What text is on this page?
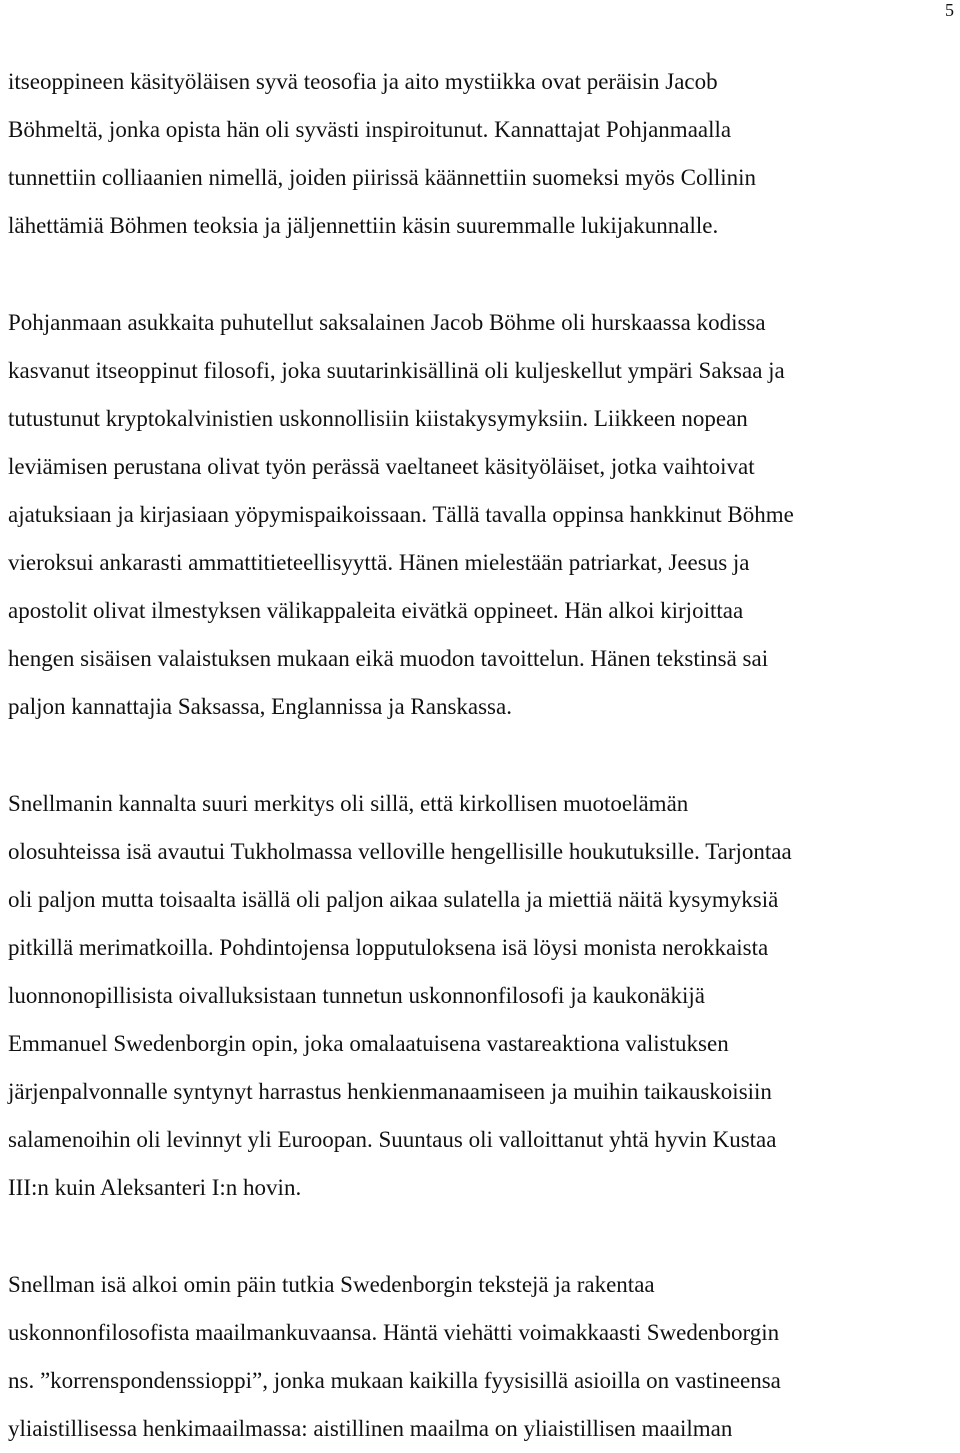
5

itseoppineen käsityöläisen syvä teosofia ja aito mystiikka ovat peräisin Jacob
Böhmeltä, jonka opista hän oli syvästi inspiroitunut. Kannattajat Pohjanmaalla
tunnettiin colliaanien nimellä, joiden piirissä käännettiin suomeksi myös Collinin
lähettämiä Böhmen teoksia ja jäljennettiin käsin suuremmalle lukijakunnalle.

Pohjanmaan asukkaita puhutellut saksalainen Jacob Böhme oli hurskaassa kodissa
kasvanut itseoppinut filosofi, joka suutarinkisällinä oli kuljeskellut ympäri Saksaa ja
tutustunut kryptokalvinistien uskonnollisiin kiistakysymyksiin. Liikkeen nopean
leviämisen perustana olivat työn perässä vaeltaneet käsityöläiset, jotka vaihtoivat
ajatuksiaan ja kirjasiaan yöpymispaikoissaan. Tällä tavalla oppinsa hankkinut Böhme
vieroksui ankarasti ammattitieteellisyyttä. Hänen mielestään patriarkat, Jeesus ja
apostolit olivat ilmestyksen välikappaleita eivätkä oppineet. Hän alkoi kirjoittaa
hengen sisäisen valaistuksen mukaan eikä muodon tavoittelun. Hänen tekstinsä sai
paljon kannattajia Saksassa, Englannissa ja Ranskassa.

Snellmanin kannalta suuri merkitys oli sillä, että kirkollisen muotoelämän
olosuhteissa isä avautui Tukholmassa velloville hengellisille houkutuksille. Tarjontaa
oli paljon mutta toisaalta isällä oli paljon aikaa sulatella ja miettiä näitä kysymyksiä
pitkillä merimatkoilla. Pohdintojensa lopputuloksena isä löysi monista nerokkaista
luonnonopillisista oivalluksistaan tunnetun uskonnonfilosofi ja kaukonäkijä
Emmanuel Swedenborgin opin, joka omalaatuisena vastareaktiona valistuksen
järjenpalvonnalle syntynyt harrastus henkienmanaamiseen ja muihin taikauskoisiin
salamenoihin oli levinnyt yli Euroopan. Suuntaus oli valloittanut yhtä hyvin Kustaa
III:n kuin Aleksanteri I:n hovin.

Snellman isä alkoi omin päin tutkia Swedenborgin tekstejä ja rakentaa
uskonnonfilosofista maailmankuvaansa. Häntä viehätti voimakkaasti Swedenborgin
ns. ”korrenspondenssioppi”, jonka mukaan kaikilla fyysisillä asioilla on vastineensa
yliaistillisessa henkimaailmassa: aistillinen maailma on yliaistillisen maailman
